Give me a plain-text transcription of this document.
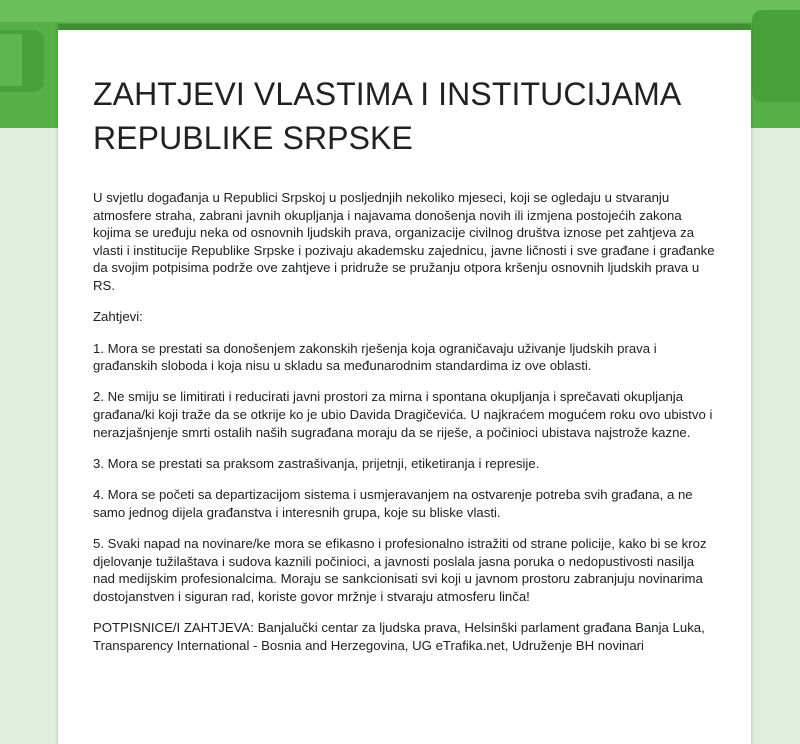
ZAHTJEVI VLASTIMA I INSTITUCIJAMA REPUBLIKE SRPSKE

U svjetlu događanja u Republici Srpskoj u posljednjih nekoliko mjeseci, koji se ogledaju u stvaranju atmosfere straha, zabrani javnih okupljanja i najavama donošenja novih ili izmjena postojećih zakona kojima se uređuju neka od osnovnih ljudskih prava, organizacije civilnog društva iznose pet zahtjeva za vlasti i institucije Republike Srpske i pozivaju akademsku zajednicu, javne ličnosti i sve građane i građanke da svojim potpisima podrže ove zahtjeve i pridruže se pružanju otpora kršenju osnovnih ljudskih prava u RS.

Zahtjevi:

1. Mora se prestati sa donošenjem zakonskih rješenja koja ograničavaju uživanje ljudskih prava i građanskih sloboda i koja nisu u skladu sa međunarodnim standardima iz ove oblasti.

2. Ne smiju se limitirati i reducirati javni prostori za mirna i spontana okupljanja i sprečavati okupljanja građana/ki koji traže da se otkrije ko je ubio Davida Dragičevića. U najkraćem mogućem roku ovo ubistvo i nerazjašnjenje smrti ostalih naših sugrađana moraju da se riješe, a počinioci ubistava najstrože kazne.

3. Mora se prestati sa praksom zastrašivanja, prijetnji, etiketiranja i represije.

4. Mora se početi sa departizacijom sistema i usmjeravanjem na ostvarenje potreba svih građana, a ne samo jednog dijela građanstva i interesnih grupa, koje su bliske vlasti.

5. Svaki napad na novinare/ke mora se efikasno i profesionalno istražiti od strane policije, kako bi se kroz djelovanje tužilaštava i sudova kaznili počinioci, a javnosti poslala jasna poruka o nedopustivosti nasilja nad medijskim profesionalcima. Moraju se sankcionisati svi koji u javnom prostoru zabranjuju novinarima dostojanstven i siguran rad, koriste govor mržnje i stvaraju atmosferu linča!

POTPISNICE/I ZAHTJEVA: Banjalučki centar za ljudska prava, Helsinški parlament građana Banja Luka, Transparency International - Bosnia and Herzegovina, UG eTrafika.net, Udruženje BH novinari
